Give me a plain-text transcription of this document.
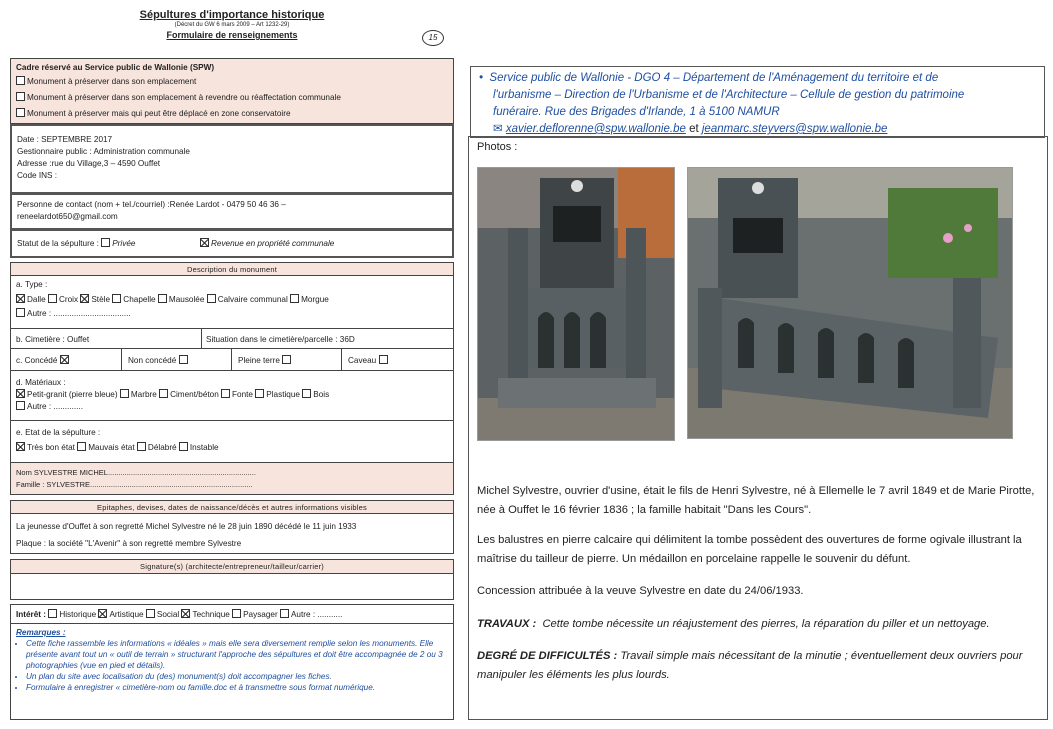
Sépultures d'importance historique
(Décret du GW 6 mars 2009 – Art 1232-29)
Formulaire de renseignements	15
Cadre réservé au Service public de Wallonie (SPW)
Monument à préserver dans son emplacement
Monument à préserver dans son emplacement à revendre ou réaffectation communale
Monument à préserver mais qui peut être déplacé en zone conservatoire
Date : SEPTEMBRE 2017
Gestionnaire public : Administration communale
Adresse :rue du Village,3 – 4590 Ouffet
Code INS :
Personne de contact (nom + tel./courriel) :Renée Lardot - 0479 50 46 36 –
reneelardot650@gmail.com
Statut de la sépulture : Privée	Revenue en propriété communale
Description du monument
a. Type :
Dalle Croix Stèle Chapelle Mausolée Calvaire communal Morgue
Autre : ..................................
b. Cimetière : Ouffet	Situation dans le cimetière/parcelle : 36D
c. Concédé	Non concédé	Pleine terre	Caveau
d. Matériaux :
Petit-granit (pierre bleue) Marbre Ciment/béton Fonte Plastique Bois
Autre : .............
e. Etat de la sépulture :
Très bon état Mauvais état Délabré Instable
Nom SYLVESTRE MICHEL.......................................................................
Famille : SYLVESTRE..............................................................................
Epitaphes, devises, dates de naissance/décès et autres informations visibles
La jeunesse d'Ouffet à son regretté Michel Sylvestre né le 28 juin 1890 décédé le 11 juin 1933
Plaque : la société "L'Avenir" à son regretté membre Sylvestre
Signature(s) (architecte/entrepreneur/tailleur/carrier)
Intérêt : Historique Artistique Social Technique Paysager Autre : ...........
Remarques :
• Cette fiche rassemble les informations « idéales » mais elle sera diversement remplie selon les monuments. Elle présente avant tout un « outil de terrain » structurant l'approche des sépultures et doit être accompagnée de 2 ou 3 photographies (vue en pied et détails).
• Un plan du site avec localisation du (des) monument(s) doit accompagner les fiches.
• Formulaire à enregistrer « cimetière-nom ou famille.doc et à transmettre sous format numérique.
•  Service public de Wallonie - DGO 4 – Département de l'Aménagement du territoire et de
l'urbanisme – Direction de l'Urbanisme et de l'Architecture – Cellule de gestion du patrimoine
funéraire. Rue des Brigades d'Irlande, 1 à 5100 NAMUR
✉ xavier.deflorenne@spw.wallonie.be et jeanmarc.steyvers@spw.wallonie.be
Photos :

Michel Sylvestre, ouvrier d'usine, était le fils de Henri Sylvestre, né à Ellemelle le 7 avril 1849 et de Marie Pirotte, née à Ouffet le 16 février 1836 ; la famille habitait "Dans les Cours".

Les balustres en pierre calcaire qui délimitent la tombe possèdent des ouvertures de forme ogivale illustrant la maîtrise du tailleur de pierre. Un médaillon en porcelaine rappelle le souvenir du défunt.

Concession attribuée à la veuve Sylvestre en date du 24/06/1933.

TRAVAUX : Cette tombe nécessite un réajustement des pierres, la réparation du piller et un nettoyage.

DEGRÉ DE DIFFICULTÉS : Travail simple mais nécessitant de la minutie ; éventuellement deux ouvriers pour manipuler les éléments les plus lourds.
